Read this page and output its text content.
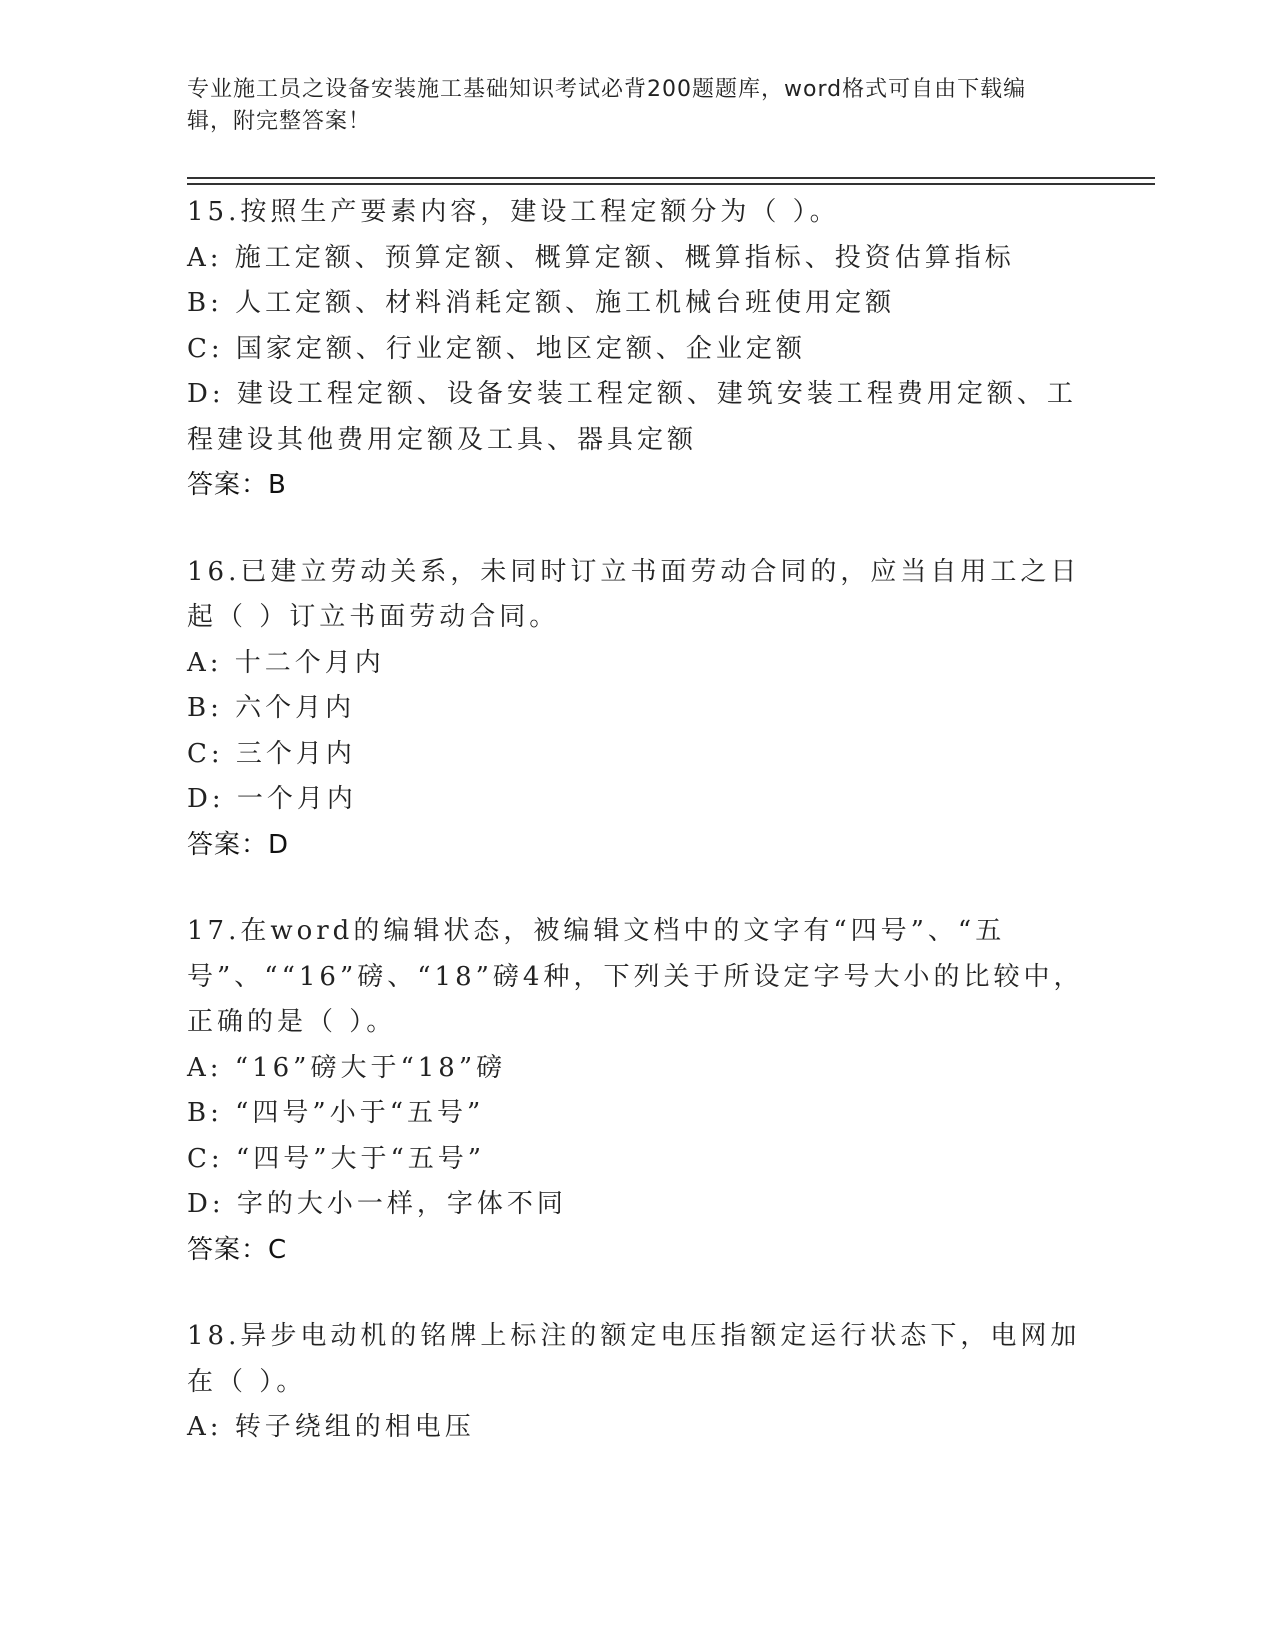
专业施工员之设备安装施工基础知识考试必背200题题库，word格式可自由下载编辑，附完整答案！
15.按照生产要素内容，建设工程定额分为（ ）。
A: 施工定额、预算定额、概算定额、概算指标、投资估算指标
B: 人工定额、材料消耗定额、施工机械台班使用定额
C: 国家定额、行业定额、地区定额、企业定额
D: 建设工程定额、设备安装工程定额、建筑安装工程费用定额、工程建设其他费用定额及工具、器具定额
答案：B
16.已建立劳动关系，未同时订立书面劳动合同的，应当自用工之日起（ ）订立书面劳动合同。
A: 十二个月内
B: 六个月内
C: 三个月内
D: 一个月内
答案：D
17.在word的编辑状态，被编辑文档中的文字有“四号”、“五号”、““16”磅、“18”磅4种，下列关于所设定字号大小的比较中，正确的是（ ）。
A: “16”磅大于“18”磅
B: “四号”小于“五号”
C: “四号”大于“五号”
D: 字的大小一样，字体不同
答案：C
18.异步电动机的铭牌上标注的额定电压指额定运行状态下，电网加在（ ）。
A: 转子绕组的相电压
